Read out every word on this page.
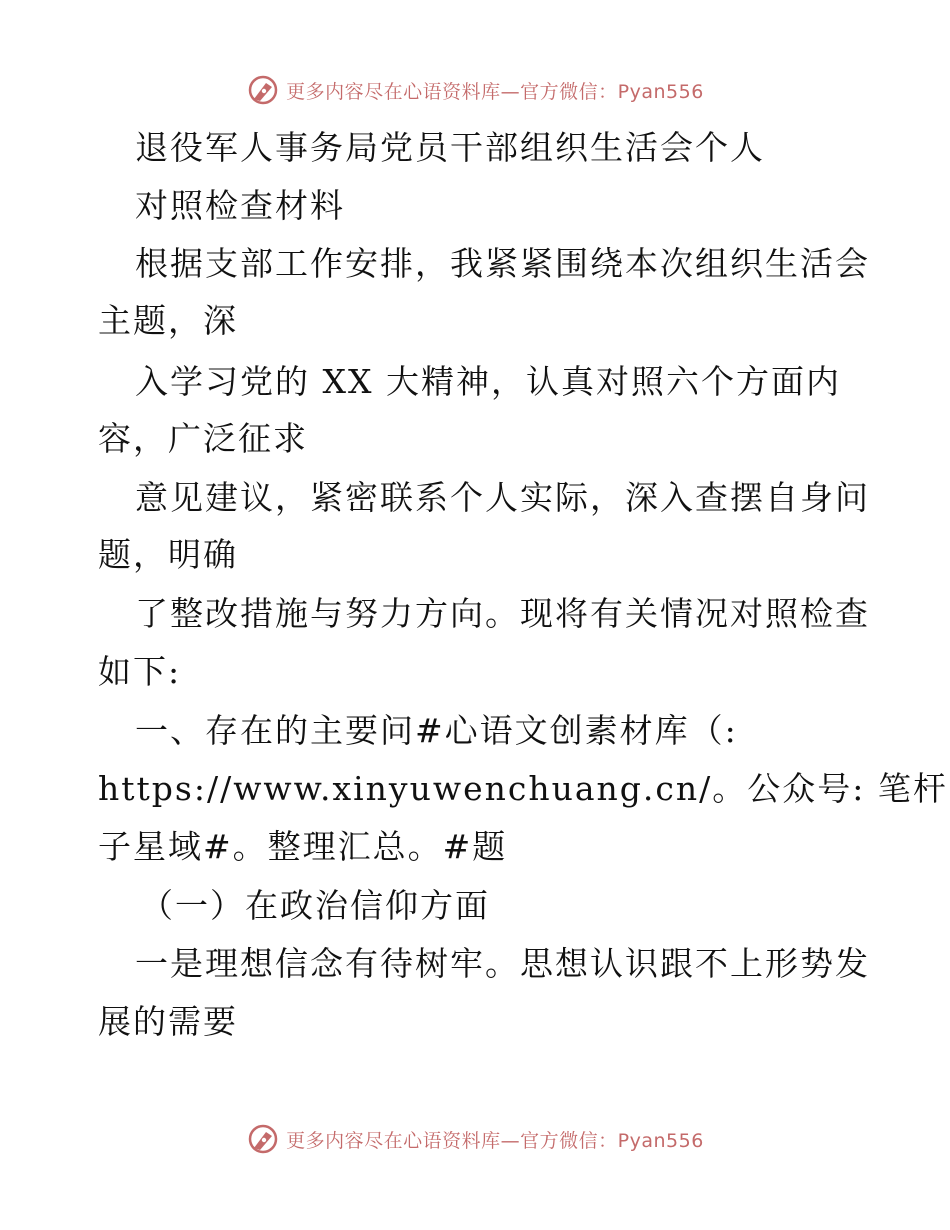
更多内容尽在心语资料库—官方微信：Pyan556
退役军人事务局党员干部组织生活会个人
对照检查材料
根据支部工作安排，我紧紧围绕本次组织生活会
主题，深
入学习党的 XX 大精神，认真对照六个方面内
容，广泛征求
意见建议，紧密联系个人实际，深入查摆自身问
题，明确
了整改措施与努力方向。现将有关情况对照检查
如下:
一、存在的主要问#心语文创素材库（:
https://www.xinyuwenchuang.cn/。公众号: 笔杆
子星域#。整理汇总。#题
（一）在政治信仰方面
一是理想信念有待树牢。思想认识跟不上形势发
展的需要
更多内容尽在心语资料库—官方微信：Pyan556
